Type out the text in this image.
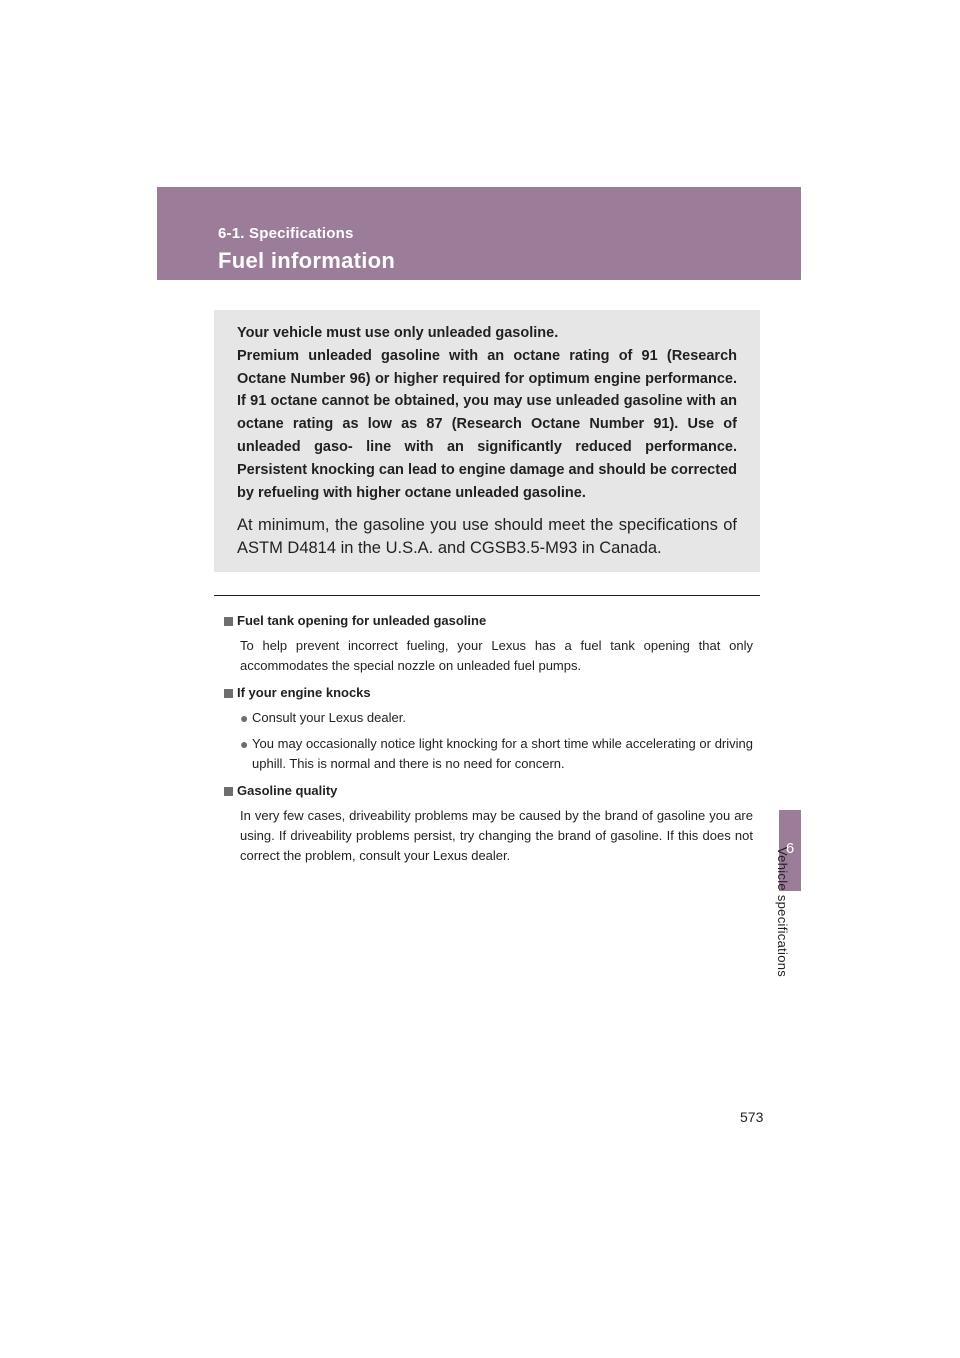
6-1. Specifications
Fuel information
6
Vehicle specifications

Your vehicle must use only unleaded gasoline.

Premium unleaded gasoline with an octane rating of 91 (Research Octane Number 96) or higher required for optimum engine performance. If 91 octane cannot be obtained, you may use unleaded gasoline with an octane rating as low as 87 (Research Octane Number 91). Use of unleaded gaso- line with an significantly reduced performance. Persistent knocking can lead to engine damage and should be corrected by refueling with higher octane unleaded gasoline.

At minimum, the gasoline you use should meet the specifications of ASTM D4814 in the U.S.A. and CGSB3.5-M93 in Canada.

Fuel tank opening for unleaded gasoline

To help prevent incorrect fueling, your Lexus has a fuel tank opening that only accommodates the special nozzle on unleaded fuel pumps.

If your engine knocks

● Consult your Lexus dealer.
● You may occasionally notice light knocking for a short time while accelerating or driving uphill. This is normal and there is no need for concern.

Gasoline quality

In very few cases, driveability problems may be caused by the brand of gasoline you are using. If driveability problems persist, try changing the brand of gasoline. If this does not correct the problem, consult your Lexus dealer.

573
